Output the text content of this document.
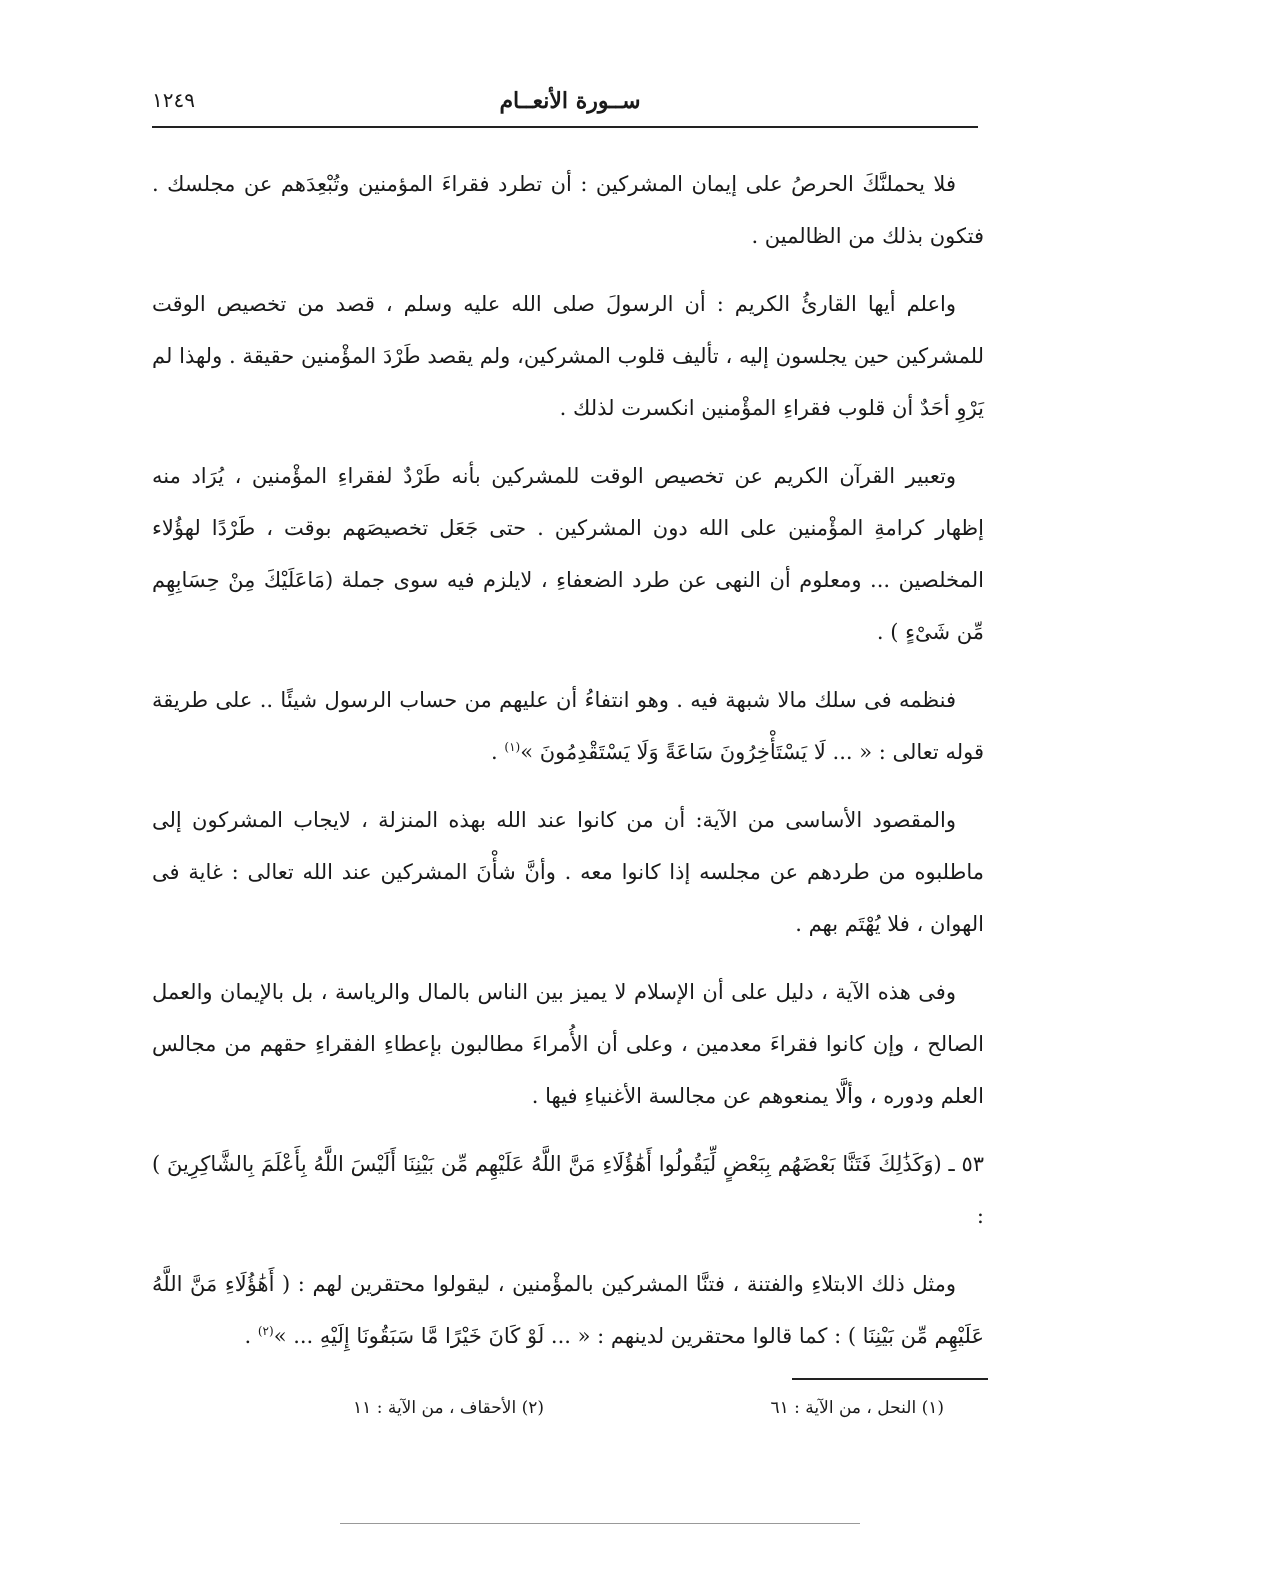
١٢٤٩	ســورة الأنعــام

فلا يحملنَّكَ الحرصُ على إيمان المشركين : أن تطرد فقراءَ المؤمنين وتُبْعِدَهم عن مجلسك . فتكون بذلك من الظالمين .

واعلم أيها القارئُ الكريم : أن الرسولَ صلى الله عليه وسلم ، قصد من تخصيص الوقت للمشركين حين يجلسون إليه ، تأليف قلوب المشركين، ولم يقصد طَرْدَ المؤْمنين حقيقة . ولهذا لم يَرْوِ أحَدٌ أن قلوب فقراءِ المؤْمنين انكسرت لذلك .

وتعبير القرآن الكريم عن تخصيص الوقت للمشركين بأنه طَرْدٌ لفقراءِ المؤْمنين ، يُرَاد منه إظهار كرامةِ المؤْمنين على الله دون المشركين . حتى جَعَل تخصيصَهم بوقت ، طَرْدًا لهؤُلاء المخلصين ... ومعلوم أن النهى عن طرد الضعفاءِ ، لايلزم فيه سوى جملة (مَاعَلَيْكَ مِنْ حِسَابِهِم مِّن شَىْءٍ ) .

فنظمه فى سلك مالا شبهة فيه . وهو انتفاءُ أن عليهم من حساب الرسول شيئًا .. على طريقة قوله تعالى : « ... لَا يَسْتَأْخِرُونَ سَاعَةً وَلَا يَسْتَقْدِمُونَ »$^{(١)}$ .

والمقصود الأساسى من الآية: أن من كانوا عند الله بهذه المنزلة ، لايجاب المشركون إلى ماطلبوه من طردهم عن مجلسه إذا كانوا معه . وأنَّ شأْنَ المشركين عند الله تعالى : غاية فى الهوان ، فلا يُهْتَم بهم .

وفى هذه الآية ، دليل على أن الإسلام لا يميز بين الناس بالمال والرياسة ، بل بالإيمان والعمل الصالح ، وإن كانوا فقراءَ معدمين ، وعلى أن الأُمراءَ مطالبون بإعطاءِ الفقراءِ حقهم من مجالس العلم ودوره ، وألَّا يمنعوهم عن مجالسة الأغنياءِ فيها .

٥٣ ـ (وَكَذَٰلِكَ فَتَنَّا بَعْضَهُم بِبَعْضٍ لِّيَقُولُوا أَهَٰؤُلَاءِ مَنَّ اللَّهُ عَلَيْهِم مِّن بَيْنِنَا أَلَيْسَ اللَّهُ بِأَعْلَمَ بِالشَّاكِرِينَ ) :

ومثل ذلك الابتلاءِ والفتنة ، فتنَّا المشركين بالمؤْمنين ، ليقولوا محتقرين لهم : ( أَهَٰؤُلَاءِ مَنَّ اللَّهُ عَلَيْهِم مِّن بَيْنِنَا ) : كما قالوا محتقرين لدينهم : « ... لَوْ كَانَ خَيْرًا مَّا سَبَقُونَا إِلَيْهِ ... »$^{(٢)}$ .

(١) النحل ، من الآية : ٦١
(٢) الأحقاف ، من الآية : ١١
